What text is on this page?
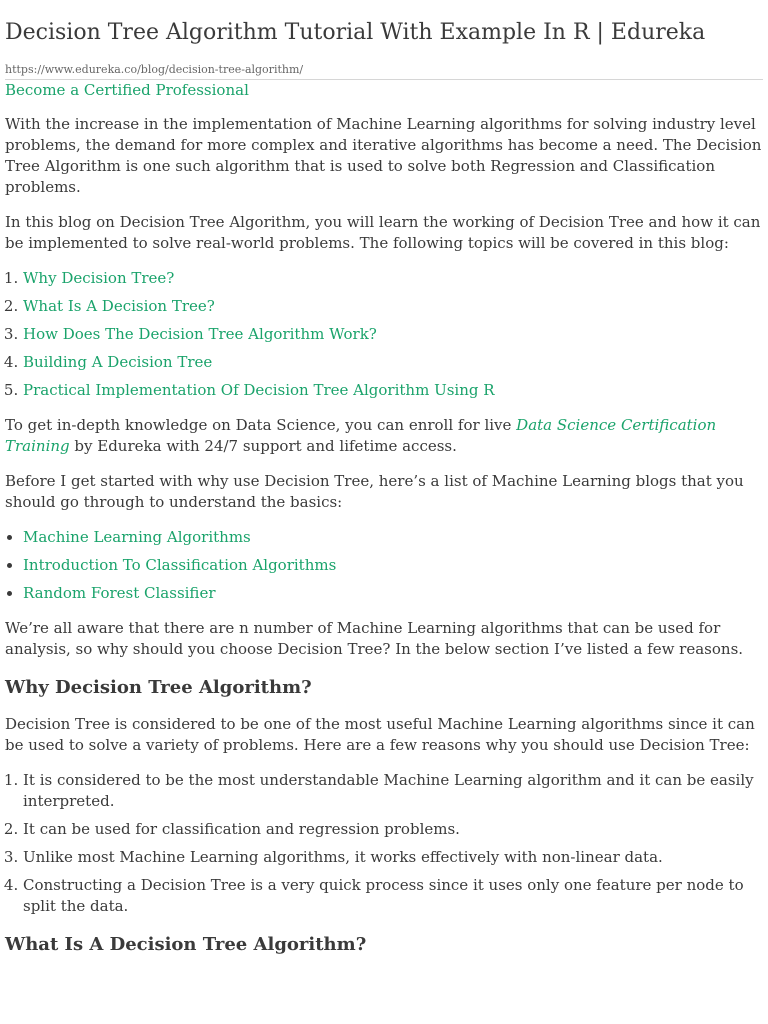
Decision Tree Algorithm Tutorial With Example In R | Edureka
https://www.edureka.co/blog/decision-tree-algorithm/
Become a Certified Professional

With the increase in the implementation of Machine Learning algorithms for solving industry level problems, the demand for more complex and iterative algorithms has become a need. The Decision Tree Algorithm is one such algorithm that is used to solve both Regression and Classification problems.

In this blog on Decision Tree Algorithm, you will learn the working of Decision Tree and how it can be implemented to solve real-world problems. The following topics will be covered in this blog:

1. Why Decision Tree?
2. What Is A Decision Tree?
3. How Does The Decision Tree Algorithm Work?
4. Building A Decision Tree
5. Practical Implementation Of Decision Tree Algorithm Using R

To get in-depth knowledge on Data Science, you can enroll for live Data Science Certification Training by Edureka with 24/7 support and lifetime access.

Before I get started with why use Decision Tree, here’s a list of Machine Learning blogs that you should go through to understand the basics:

• Machine Learning Algorithms
• Introduction To Classification Algorithms
• Random Forest Classifier

We’re all aware that there are n number of Machine Learning algorithms that can be used for analysis, so why should you choose Decision Tree? In the below section I’ve listed a few reasons.

Why Decision Tree Algorithm?

Decision Tree is considered to be one of the most useful Machine Learning algorithms since it can be used to solve a variety of problems. Here are a few reasons why you should use Decision Tree:

1. It is considered to be the most understandable Machine Learning algorithm and it can be easily interpreted.
2. It can be used for classification and regression problems.
3. Unlike most Machine Learning algorithms, it works effectively with non-linear data.
4. Constructing a Decision Tree is a very quick process since it uses only one feature per node to split the data.
What Is A Decision Tree Algorithm?
